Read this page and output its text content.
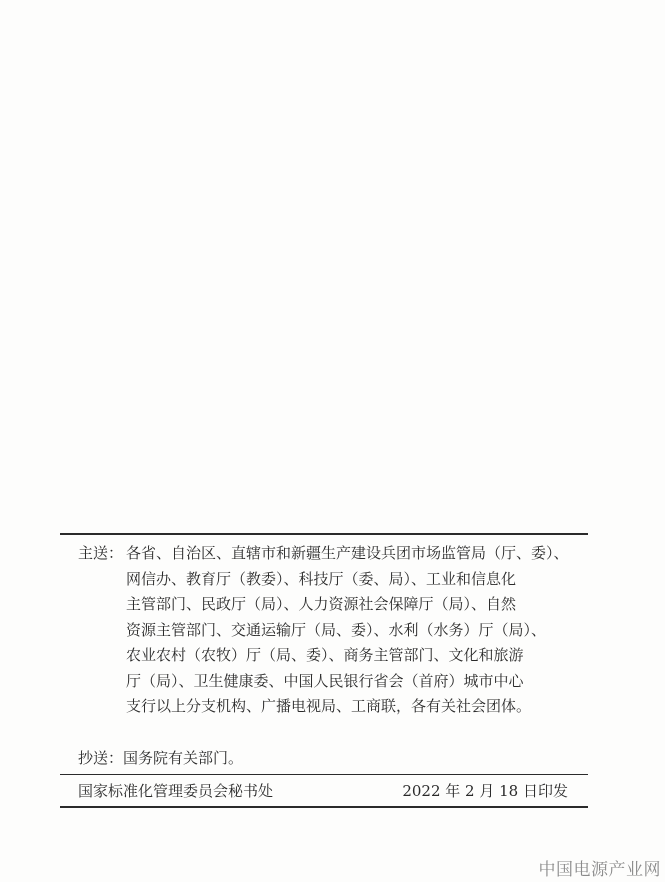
主送： 各省、自治区、直辖市和新疆生产建设兵团市场监管局（厅、委）、
网信办、教育厅（教委）、科技厅（委、局）、工业和信息化
主管部门、民政厅（局）、人力资源社会保障厅（局）、自然
资源主管部门、交通运输厅（局、委）、水利（水务）厅（局）、
农业农村（农牧）厅（局、委）、商务主管部门、文化和旅游
厅（局）、卫生健康委、中国人民银行省会（首府）城市中心
支行以上分支机构、广播电视局、工商联，各有关社会团体。
抄送：国务院有关部门。
国家标准化管理委员会秘书处	2022 年 2 月 18 日印发
中国电源产业网
